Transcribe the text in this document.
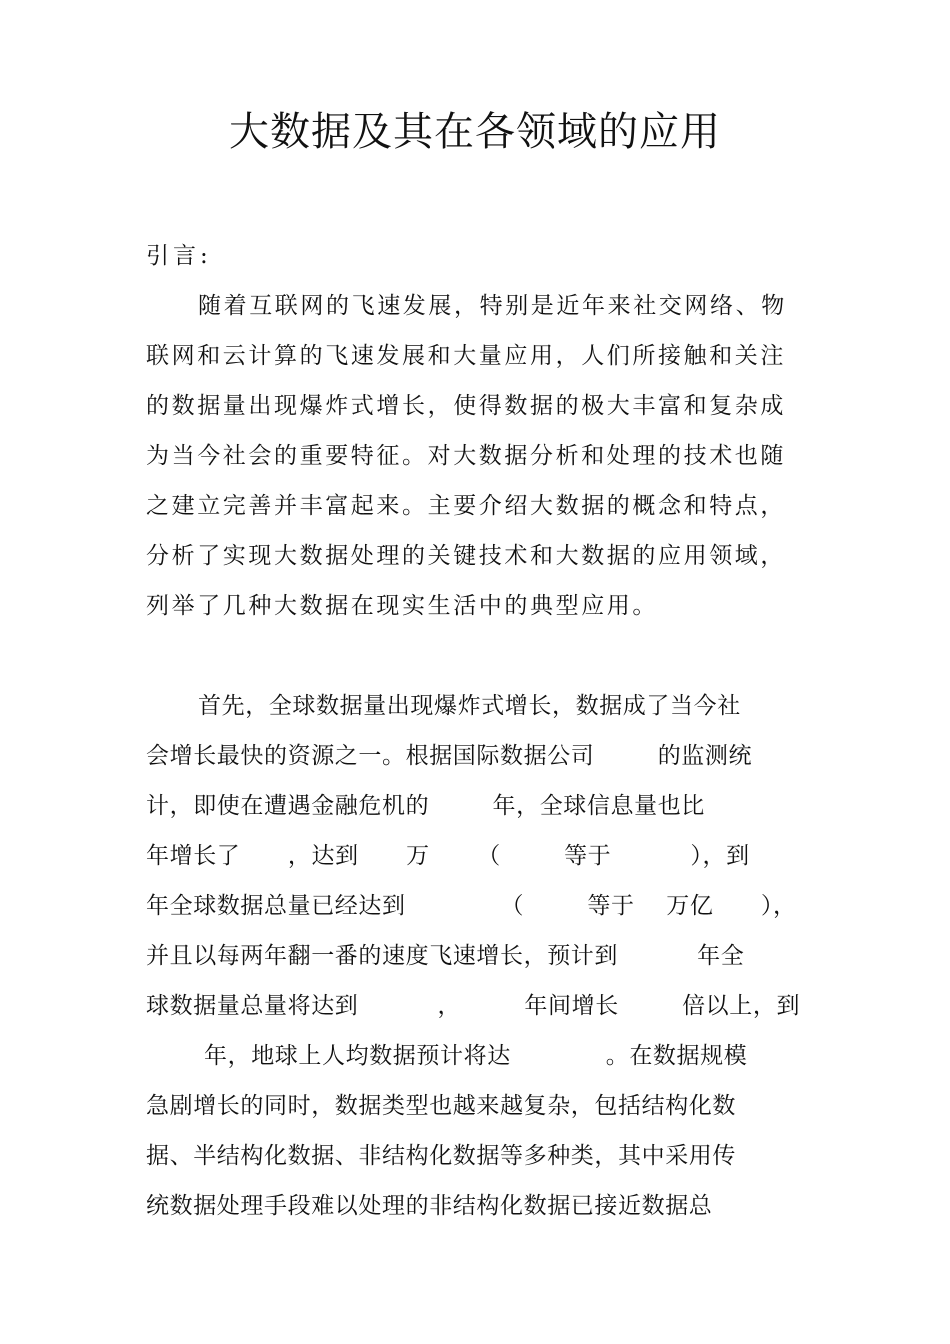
大数据及其在各领域的应用
引言:
随着互联网的飞速发展，特别是近年来社交网络、物
联网和云计算的飞速发展和大量应用，人们所接触和关注
的数据量出现爆炸式增长，使得数据的极大丰富和复杂成
为当今社会的重要特征。对大数据分析和处理的技术也随
之建立完善并丰富起来。主要介绍大数据的概念和特点，
分析了实现大数据处理的关键技术和大数据的应用领域，
列举了几种大数据在现实生活中的典型应用。
首先，全球数据量出现爆炸式增长，数据成了当今社
会增长最快的资源之一。根据国际数据公司        的监测统
计，即使在遭遇金融危机的        年，全球信息量也比
年增长了      ，达到      万      （        等于          ），到
年全球数据总量已经达到            （        等于    万亿      ），
并且以每两年翻一番的速度飞速增长，预计到          年全
球数据量总量将达到          ，        年间增长        倍以上，到
年，地球上人均数据预计将达            。在数据规模
急剧增长的同时，数据类型也越来越复杂，包括结构化数
据、半结构化数据、非结构化数据等多种类，其中采用传
统数据处理手段难以处理的非结构化数据已接近数据总
